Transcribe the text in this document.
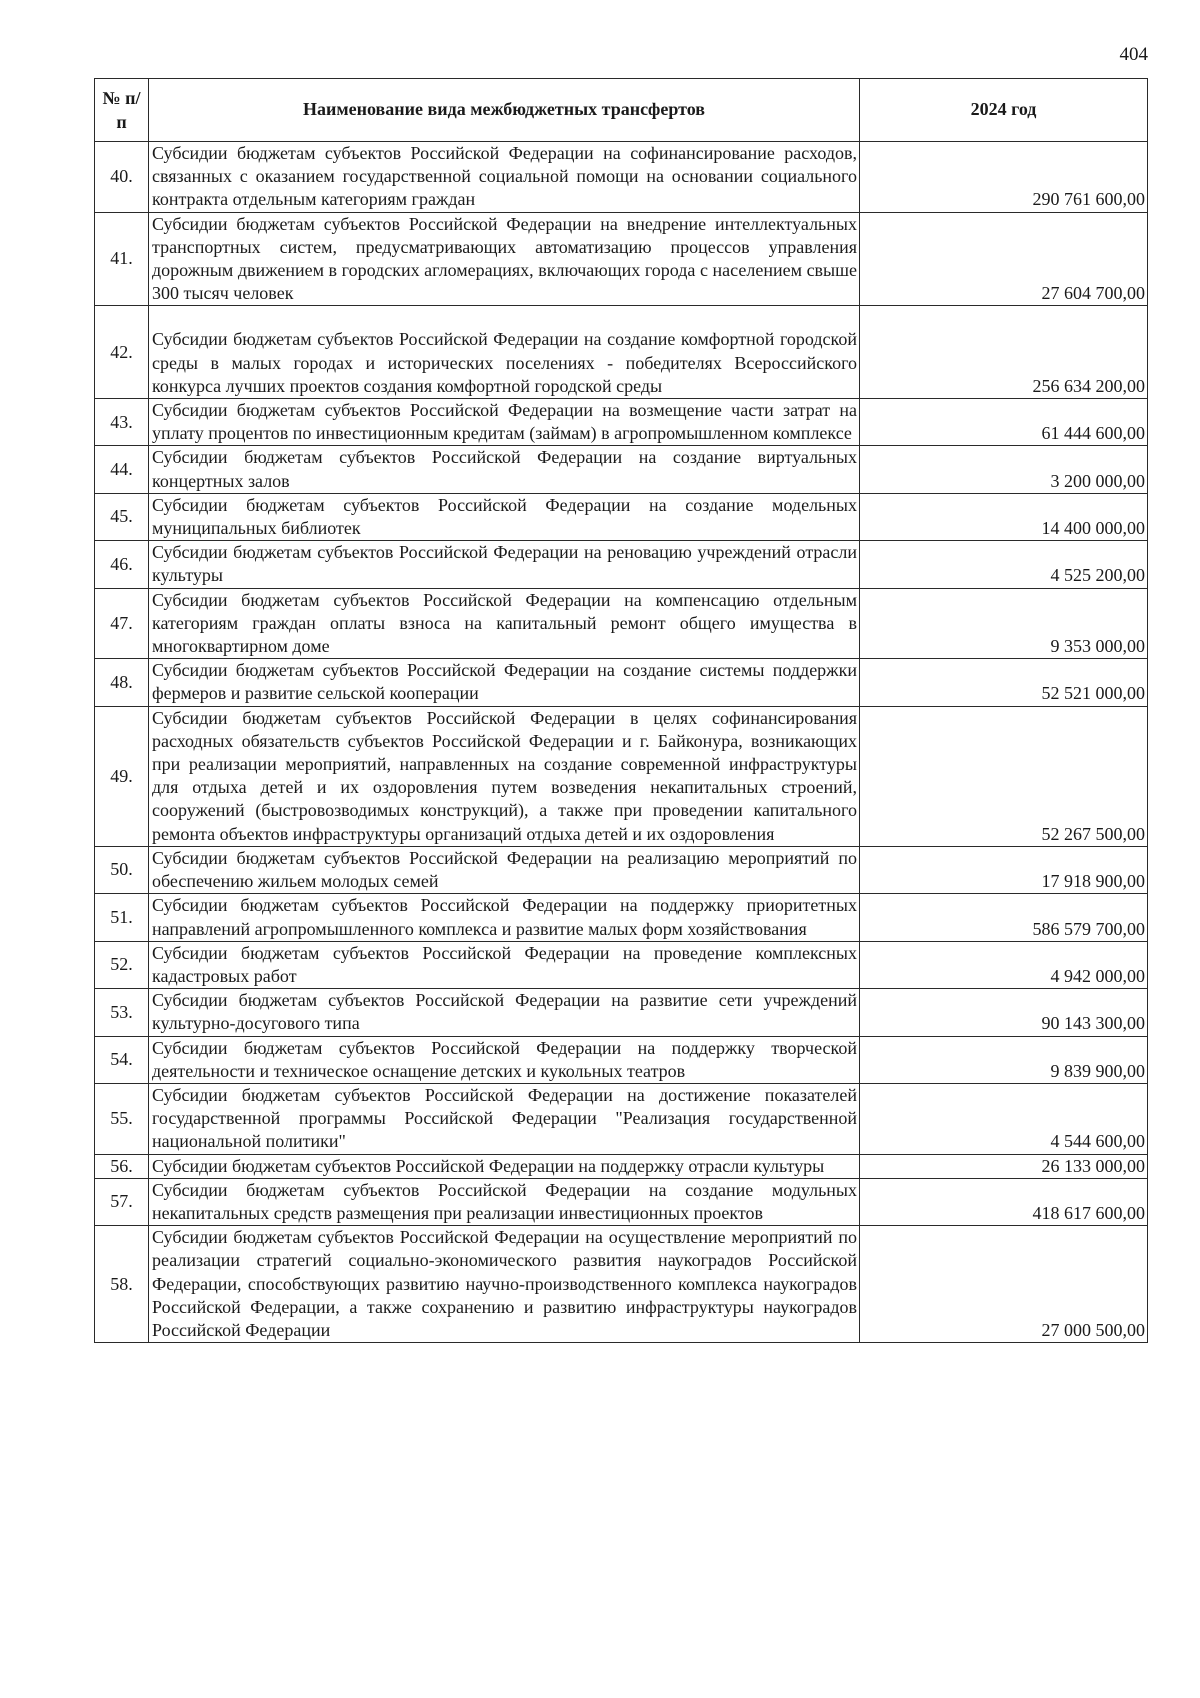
404
№ п/п	Наименование вида межбюджетных трансфертов	2024 год
40.	Субсидии бюджетам субъектов Российской Федерации на софинансирование расходов, связанных с оказанием государственной социальной помощи на основании социального контракта отдельным категориям граждан	290 761 600,00
41.	Субсидии бюджетам субъектов Российской Федерации на внедрение интеллектуальных транспортных систем, предусматривающих автоматизацию процессов управления дорожным движением в городских агломерациях, включающих города с населением свыше 300 тысяч человек	27 604 700,00
42.	Субсидии бюджетам субъектов Российской Федерации на создание комфортной городской среды в малых городах и исторических поселениях - победителях Всероссийского конкурса лучших проектов создания комфортной городской среды	256 634 200,00
43.	Субсидии бюджетам субъектов Российской Федерации на возмещение части затрат на уплату процентов по инвестиционным кредитам (займам) в агропромышленном комплексе	61 444 600,00
44.	Субсидии бюджетам субъектов Российской Федерации на создание виртуальных концертных залов	3 200 000,00
45.	Субсидии бюджетам субъектов Российской Федерации на создание модельных муниципальных библиотек	14 400 000,00
46.	Субсидии бюджетам субъектов Российской Федерации на реновацию учреждений отрасли культуры	4 525 200,00
47.	Субсидии бюджетам субъектов Российской Федерации на компенсацию отдельным категориям граждан оплаты взноса на капитальный ремонт общего имущества в многоквартирном доме	9 353 000,00
48.	Субсидии бюджетам субъектов Российской Федерации на создание системы поддержки фермеров и развитие сельской кооперации	52 521 000,00
49.	Субсидии бюджетам субъектов Российской Федерации в целях софинансирования расходных обязательств субъектов Российской Федерации и г. Байконура, возникающих при реализации мероприятий, направленных на создание современной инфраструктуры для отдыха детей и их оздоровления путем возведения некапитальных строений, сооружений (быстровозводимых конструкций), а также при проведении капитального ремонта объектов инфраструктуры организаций отдыха детей и их оздоровления	52 267 500,00
50.	Субсидии бюджетам субъектов Российской Федерации на реализацию мероприятий по обеспечению жильем молодых семей	17 918 900,00
51.	Субсидии бюджетам субъектов Российской Федерации на поддержку приоритетных направлений агропромышленного комплекса и развитие малых форм хозяйствования	586 579 700,00
52.	Субсидии бюджетам субъектов Российской Федерации на проведение комплексных кадастровых работ	4 942 000,00
53.	Субсидии бюджетам субъектов Российской Федерации на развитие сети учреждений культурно-досугового типа	90 143 300,00
54.	Субсидии бюджетам субъектов Российской Федерации на поддержку творческой деятельности и техническое оснащение детских и кукольных театров	9 839 900,00
55.	Субсидии бюджетам субъектов Российской Федерации на достижение показателей государственной программы Российской Федерации "Реализация государственной национальной политики"	4 544 600,00
56.	Субсидии бюджетам субъектов Российской Федерации на поддержку отрасли культуры	26 133 000,00
57.	Субсидии бюджетам субъектов Российской Федерации на создание модульных некапитальных средств размещения при реализации инвестиционных проектов	418 617 600,00
58.	Субсидии бюджетам субъектов Российской Федерации на осуществление мероприятий по реализации стратегий социально-экономического развития наукоградов Российской Федерации, способствующих развитию научно-производственного комплекса наукоградов Российской Федерации, а также сохранению и развитию инфраструктуры наукоградов Российской Федерации	27 000 500,00
